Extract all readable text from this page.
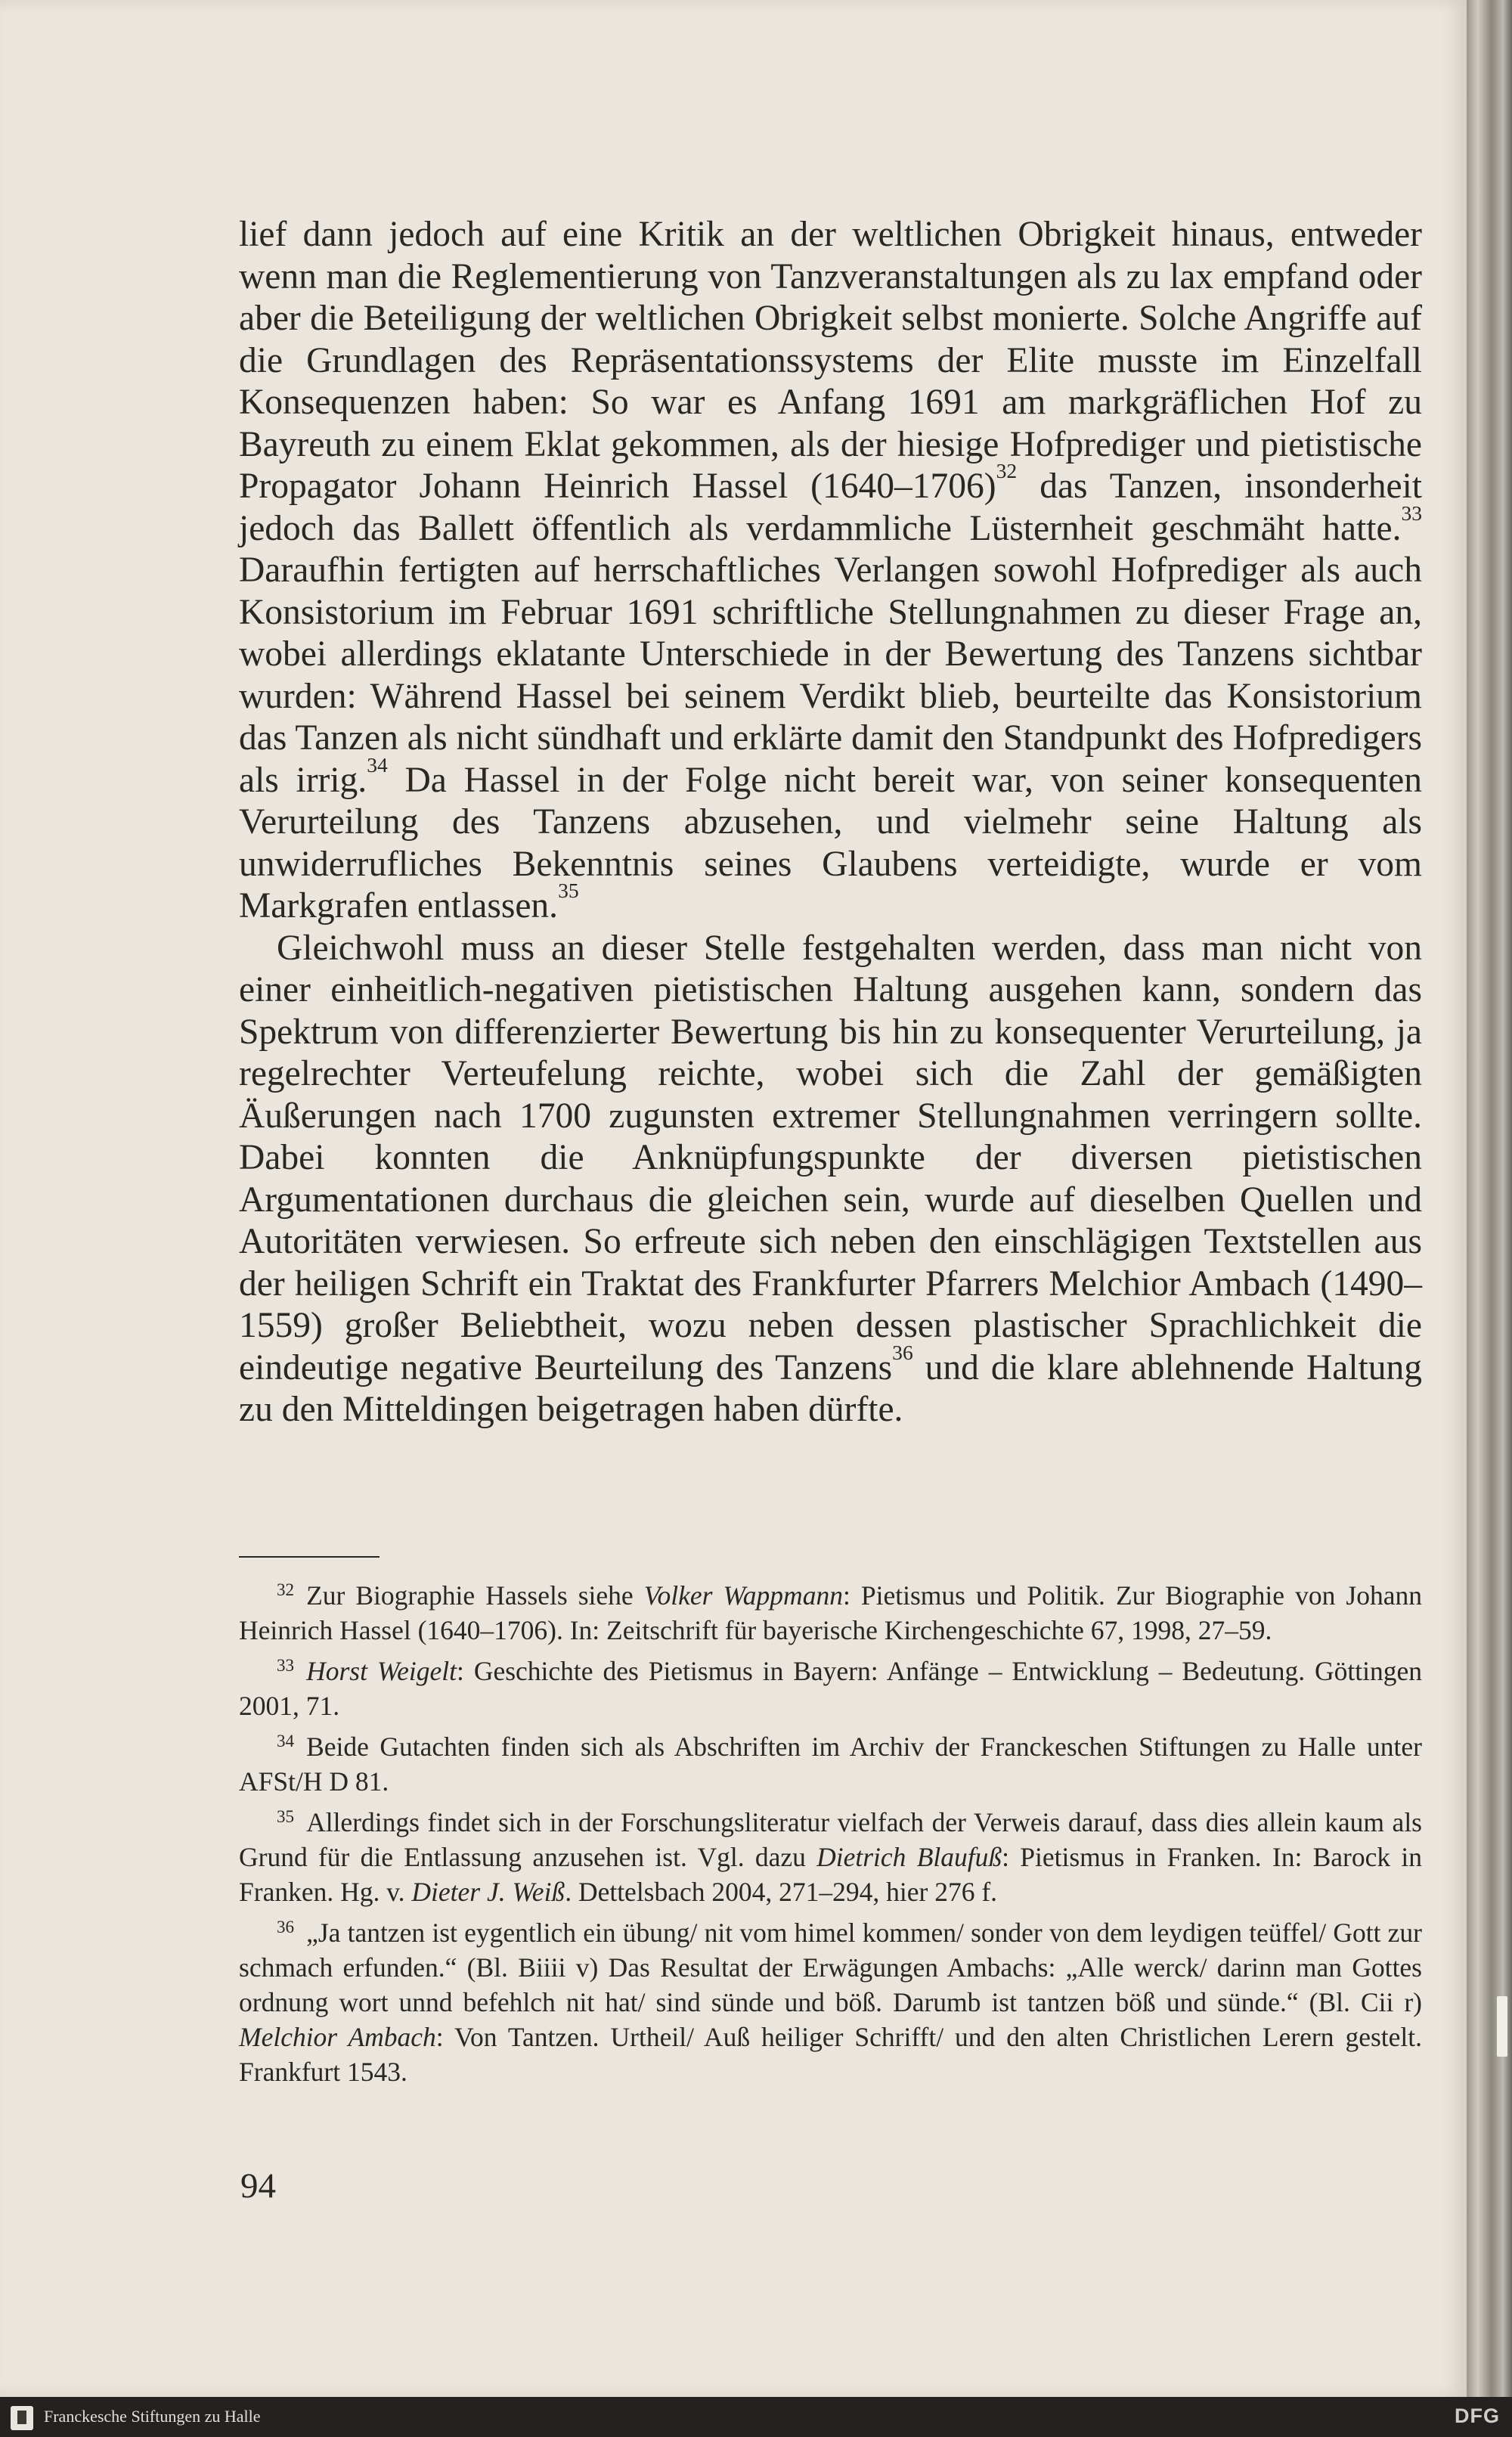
lief dann jedoch auf eine Kritik an der weltlichen Obrigkeit hinaus, entweder wenn man die Reglementierung von Tanzveranstaltungen als zu lax empfand oder aber die Beteiligung der weltlichen Obrigkeit selbst monierte. Solche Angriffe auf die Grundlagen des Repräsentationssystems der Elite musste im Einzelfall Konsequenzen haben: So war es Anfang 1691 am markgräflichen Hof zu Bayreuth zu einem Eklat gekommen, als der hiesige Hofprediger und pietistische Propagator Johann Heinrich Hassel (1640–1706)$^{32}$ das Tanzen, insonderheit jedoch das Ballett öffentlich als verdammliche Lüsternheit geschmäht hatte.$^{33}$ Daraufhin fertigten auf herrschaftliches Verlangen sowohl Hofprediger als auch Konsistorium im Februar 1691 schriftliche Stellungnahmen zu dieser Frage an, wobei allerdings eklatante Unterschiede in der Bewertung des Tanzens sichtbar wurden: Während Hassel bei seinem Verdikt blieb, beurteilte das Konsistorium das Tanzen als nicht sündhaft und erklärte damit den Standpunkt des Hofpredigers als irrig.$^{34}$ Da Hassel in der Folge nicht bereit war, von seiner konsequenten Verurteilung des Tanzens abzusehen, und vielmehr seine Haltung als unwiderrufliches Bekenntnis seines Glaubens verteidigte, wurde er vom Markgrafen entlassen.$^{35}$

Gleichwohl muss an dieser Stelle festgehalten werden, dass man nicht von einer einheitlich-negativen pietistischen Haltung ausgehen kann, sondern das Spektrum von differenzierter Bewertung bis hin zu konsequenter Verurteilung, ja regelrechter Verteufelung reichte, wobei sich die Zahl der gemäßigten Äußerungen nach 1700 zugunsten extremer Stellungnahmen verringern sollte. Dabei konnten die Anknüpfungspunkte der diversen pietistischen Argumentationen durchaus die gleichen sein, wurde auf dieselben Quellen und Autoritäten verwiesen. So erfreute sich neben den einschlägigen Textstellen aus der heiligen Schrift ein Traktat des Frankfurter Pfarrers Melchior Ambach (1490–1559) großer Beliebtheit, wozu neben dessen plastischer Sprachlichkeit die eindeutige negative Beurteilung des Tanzens$^{36}$ und die klare ablehnende Haltung zu den Mitteldingen beigetragen haben dürfte.

$^{32}$ Zur Biographie Hassels siehe Volker Wappmann: Pietismus und Politik. Zur Biographie von Johann Heinrich Hassel (1640–1706). In: Zeitschrift für bayerische Kirchengeschichte 67, 1998, 27–59.

$^{33}$ Horst Weigelt: Geschichte des Pietismus in Bayern: Anfänge – Entwicklung – Bedeutung. Göttingen 2001, 71.

$^{34}$ Beide Gutachten finden sich als Abschriften im Archiv der Franckeschen Stiftungen zu Halle unter AFSt/H D 81.

$^{35}$ Allerdings findet sich in der Forschungsliteratur vielfach der Verweis darauf, dass dies allein kaum als Grund für die Entlassung anzusehen ist. Vgl. dazu Dietrich Blaufuß: Pietismus in Franken. In: Barock in Franken. Hg. v. Dieter J. Weiß. Dettelsbach 2004, 271–294, hier 276 f.

$^{36}$ „Ja tantzen ist eygentlich ein übung/ nit vom himel kommen/ sonder von dem leydigen teüffel/ Gott zur schmach erfunden.“ (Bl. Biiii v) Das Resultat der Erwägungen Ambachs: „Alle werck/ darinn man Gottes ordnung wort unnd befehlch nit hat/ sind sünde und böß. Darumb ist tantzen böß und sünde.“ (Bl. Cii r) Melchior Ambach: Von Tantzen. Urtheil/ Auß heiliger Schrifft/ und den alten Christlichen Lerern gestelt. Frankfurt 1543.

94
Franckesche Stiftungen zu Halle	DFG
